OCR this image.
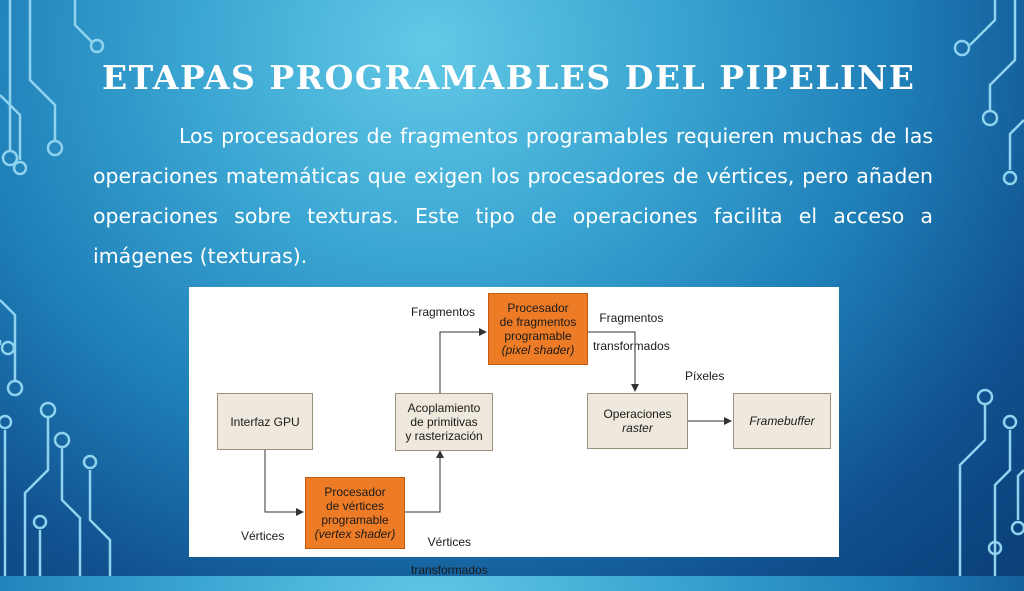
ETAPAS PROGRAMABLES DEL PIPELINE
Los procesadores de fragmentos programables requieren muchas de las operaciones matemáticas que exigen los procesadores de vértices, pero añaden operaciones sobre texturas. Este tipo de operaciones facilita el acceso a imágenes (texturas).
Interfaz GPU
Procesador
de vértices
programable
(vertex shader)
Acoplamiento
de primitivas
y rasterización
Procesador
de fragmentos
programable
(pixel shader)
Operaciones
raster	Framebuffer
Vértices	Vértices

transformados

Fragmentos	Fragmentos

transformados

Píxeles
